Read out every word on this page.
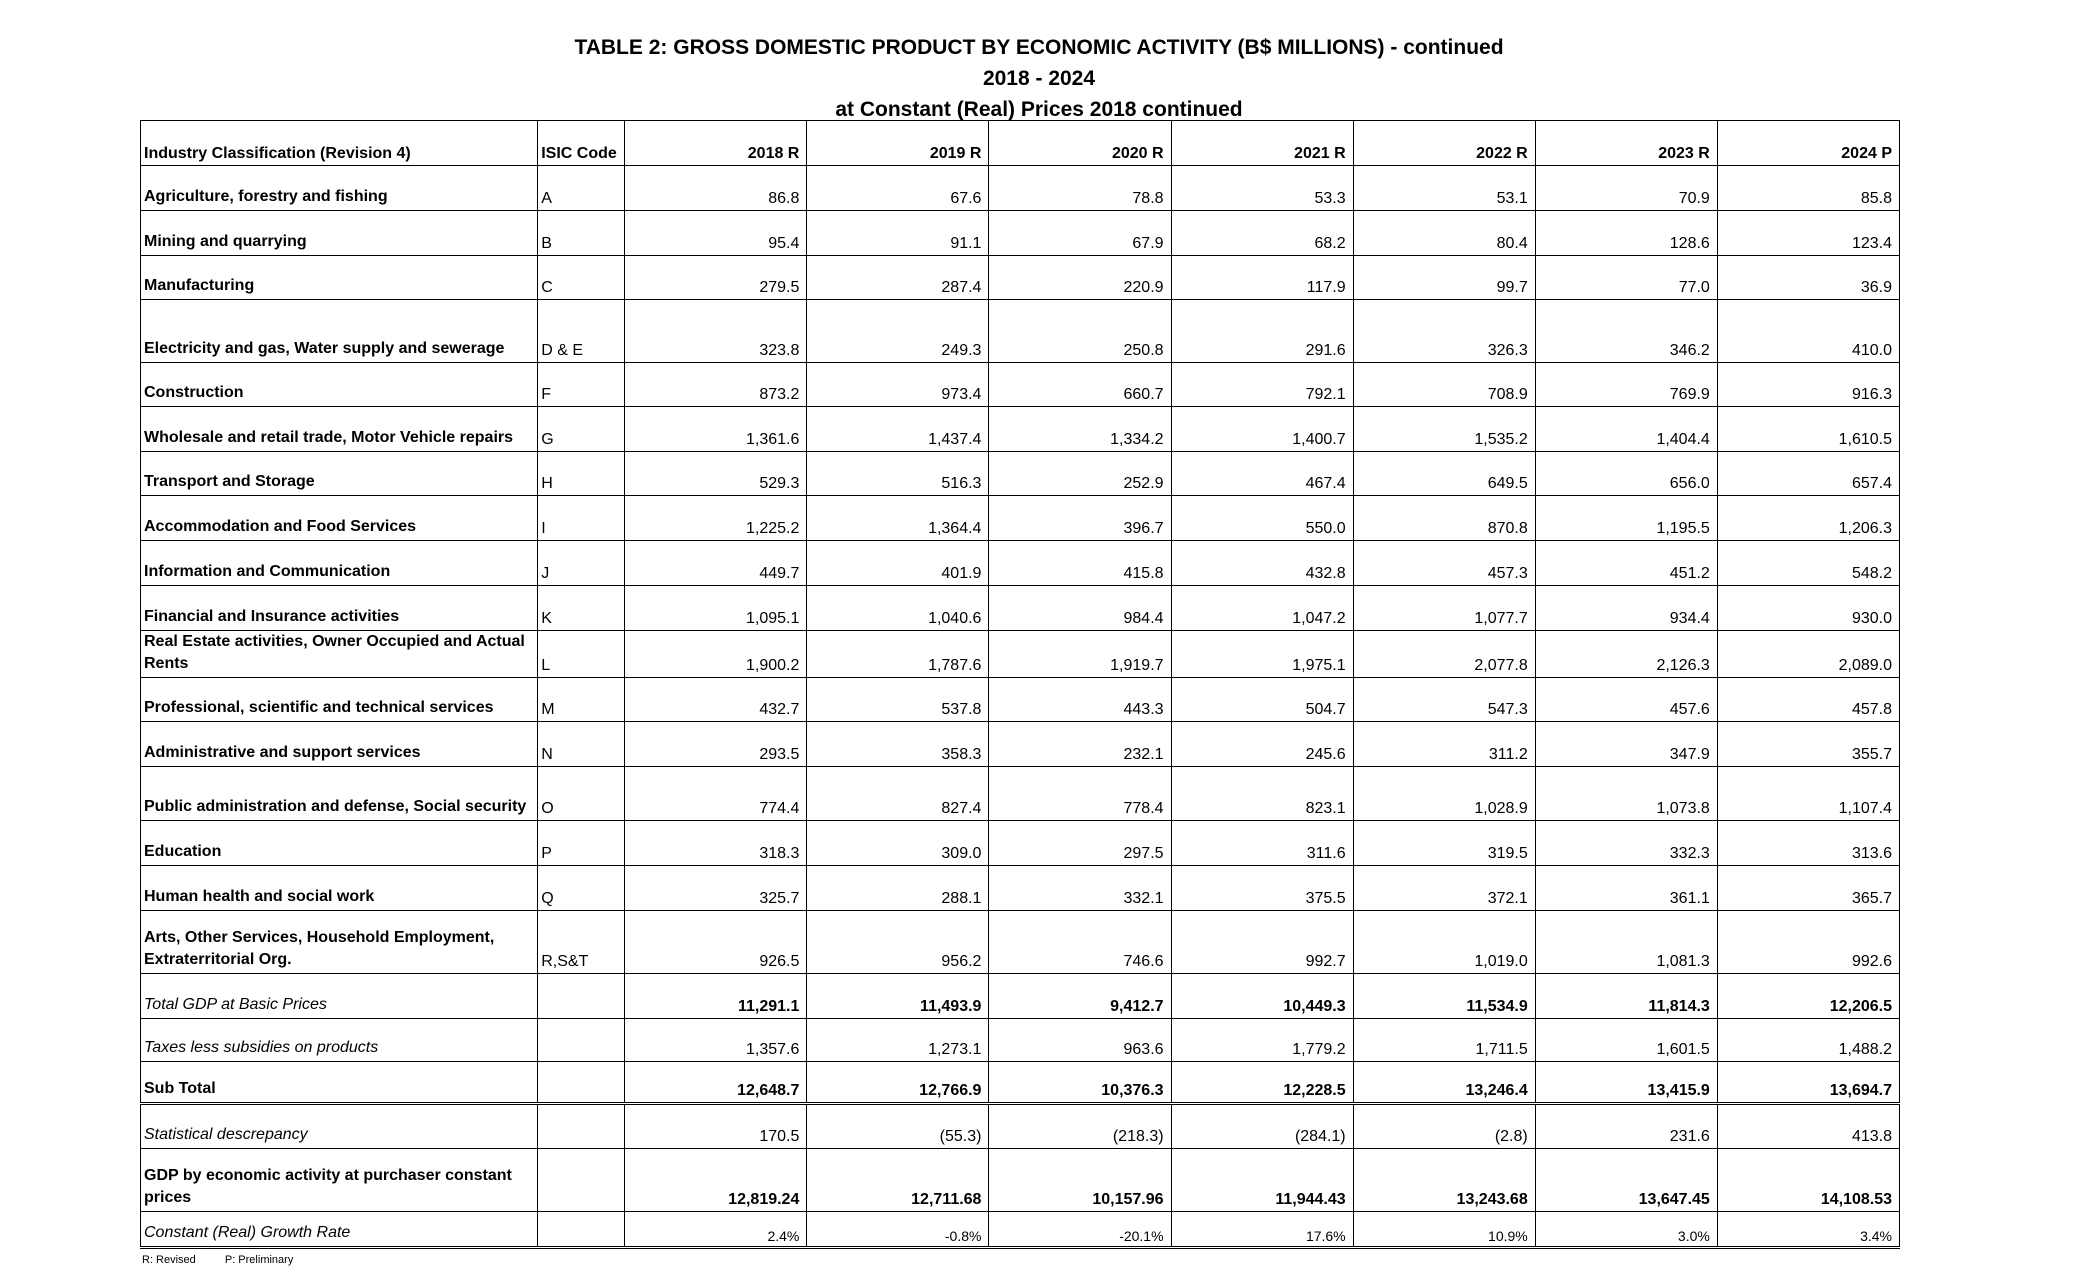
TABLE 2: GROSS DOMESTIC PRODUCT BY ECONOMIC ACTIVITY (B$ MILLIONS) - continued
2018 - 2024
at Constant (Real) Prices 2018 continued
Industry Classification (Revision 4)	ISIC Code	2018 R	2019 R	2020 R	2021 R	2022 R	2023 R	2024 P
Agriculture, forestry and fishing	A	86.8	67.6	78.8	53.3	53.1	70.9	85.8
Mining and quarrying	B	95.4	91.1	67.9	68.2	80.4	128.6	123.4
Manufacturing	C	279.5	287.4	220.9	117.9	99.7	77.0	36.9
Electricity and gas, Water supply and sewerage	D & E	323.8	249.3	250.8	291.6	326.3	346.2	410.0
Construction	F	873.2	973.4	660.7	792.1	708.9	769.9	916.3
Wholesale and retail trade, Motor Vehicle repairs	G	1,361.6	1,437.4	1,334.2	1,400.7	1,535.2	1,404.4	1,610.5
Transport and Storage	H	529.3	516.3	252.9	467.4	649.5	656.0	657.4
Accommodation and Food Services	I	1,225.2	1,364.4	396.7	550.0	870.8	1,195.5	1,206.3
Information and Communication	J	449.7	401.9	415.8	432.8	457.3	451.2	548.2
Financial and Insurance activities	K	1,095.1	1,040.6	984.4	1,047.2	1,077.7	934.4	930.0
Real Estate activities, Owner Occupied and Actual Rents	L	1,900.2	1,787.6	1,919.7	1,975.1	2,077.8	2,126.3	2,089.0
Professional, scientific and technical services	M	432.7	537.8	443.3	504.7	547.3	457.6	457.8
Administrative and support services	N	293.5	358.3	232.1	245.6	311.2	347.9	355.7
Public administration and defense, Social security	O	774.4	827.4	778.4	823.1	1,028.9	1,073.8	1,107.4
Education	P	318.3	309.0	297.5	311.6	319.5	332.3	313.6
Human health and social work	Q	325.7	288.1	332.1	375.5	372.1	361.1	365.7
Arts, Other Services, Household Employment, Extraterritorial Org.	R,S&T	926.5	956.2	746.6	992.7	1,019.0	1,081.3	992.6
Total GDP at Basic Prices		11,291.1	11,493.9	9,412.7	10,449.3	11,534.9	11,814.3	12,206.5
Taxes less subsidies on products		1,357.6	1,273.1	963.6	1,779.2	1,711.5	1,601.5	1,488.2
Sub Total		12,648.7	12,766.9	10,376.3	12,228.5	13,246.4	13,415.9	13,694.7
Statistical descrepancy		170.5	(55.3)	(218.3)	(284.1)	(2.8)	231.6	413.8
GDP by economic activity at purchaser constant prices		12,819.24	12,711.68	10,157.96	11,944.43	13,243.68	13,647.45	14,108.53
Constant (Real) Growth Rate		2.4%	-0.8%	-20.1%	17.6%	10.9%	3.0%	3.4%
R: Revised	P: Preliminary
